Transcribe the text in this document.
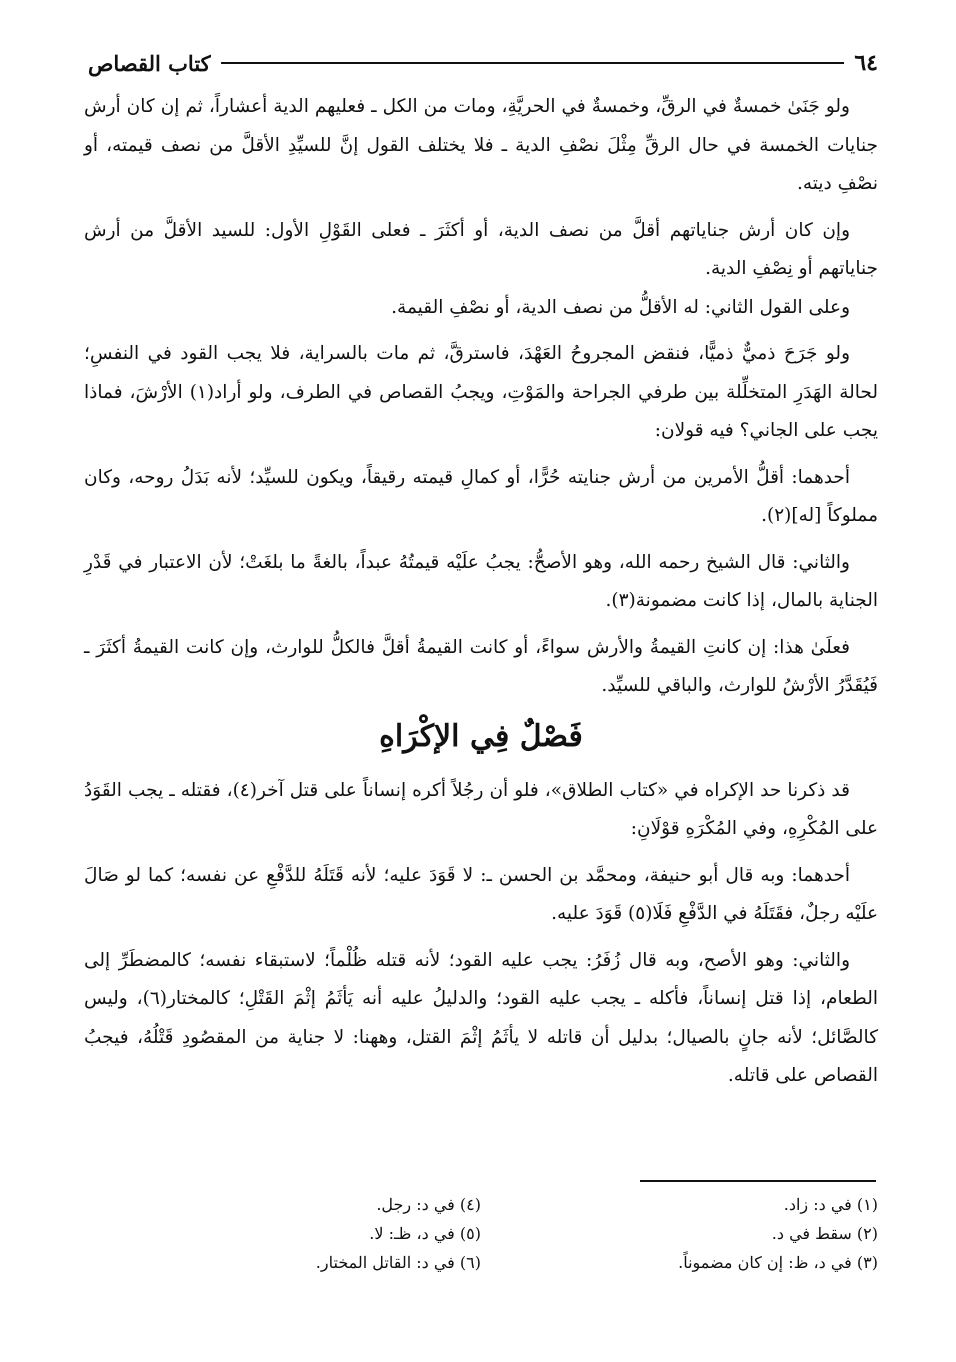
٦٤
كتاب القصاص

ولو جَنَىٰ خمسةٌ في الرقِّ، وخمسةٌ في الحريَّةِ، ومات من الكل ـ فعليهم الدية أعشاراً، ثم إن كان أرش جنايات الخمسة في حال الرقِّ مِثْلَ نصْفِ الدية ـ فلا يختلف القول إنَّ للسيِّدِ الأقلَّ من نصف قيمته، أو نصْفِ ديته.

وإن كان أرش جناياتهم أقلَّ من نصف الدية، أو أكثَرَ ـ فعلى القَوْلِ الأول: للسيد الأقلَّ من أرش جناياتهم أو نِصْفِ الدية.

وعلى القول الثاني: له الأقلُّ من نصف الدية، أو نصْفِ القيمة.

ولو جَرَحَ ذميٌّ ذميًّا، فنقض المجروحُ العَهْدَ، فاسترقَّ، ثم مات بالسراية، فلا يجب القود في النفسِ؛ لحالة الهَدَرِ المتخلِّلة بين طرفي الجراحة والمَوْتِ، ويجبُ القصاص في الطرف، ولو أراد(١) الأرْشَ، فماذا يجب على الجاني؟ فيه قولان:

أحدهما: أقلُّ الأمرين من أرش جنايته حُرًّا، أو كمالِ قيمته رقيقاً، ويكون للسيِّد؛ لأنه بَدَلُ روحه، وكان مملوكاً [له](٢).

والثاني: قال الشيخ رحمه الله، وهو الأصحُّ: يجبُ علَيْه قيمتُهُ عبداً، بالغةً ما بلغَتْ؛ لأن الاعتبار في قَدْرِ الجناية بالمال، إذا كانت مضمونة(٣).

فعلَىٰ هذا: إن كانتِ القيمةُ والأرش سواءً، أو كانت القيمةُ أقلَّ فالكلُّ للوارث، وإن كانت القيمةُ أكثَرَ ـ فَيُقَدَّرُ الأرْشُ للوارث، والباقي للسيِّد.

فَصْلٌ فِي الإكْرَاهِ

قد ذكرنا حد الإكراه في «كتاب الطلاق»، فلو أن رجُلاً أكره إنساناً على قتل آخر(٤)، فقتله ـ يجب القَوَدُ على المُكْرِهِ، وفي المُكْرَهِ قوْلَانِ:

أحدهما: وبه قال أبو حنيفة، ومحمَّد بن الحسن ـ: لا قَوَدَ عليه؛ لأنه قَتَلَهُ للدَّفْعِ عن نفسه؛ كما لو صَالَ علَيْه رجلٌ، فقَتَلَهُ في الدَّفْعِ فَلَا(٥) قَوَدَ عليه.

والثاني: وهو الأصح، وبه قال زُفَرُ: يجب عليه القود؛ لأنه قتله ظُلْماً؛ لاستبقاء نفسه؛ كالمضطَرِّ إلى الطعام، إذا قتل إنساناً، فأكله ـ يجب عليه القود؛ والدليلُ عليه أنه يَأثَمُ إثْمَ القَتْلِ؛ كالمختار(٦)، وليس كالصَّائل؛ لأنه جانٍ بالصيال؛ بدليل أن قاتله لا يأثَمُ إثْمَ القتل، وههنا: لا جناية من المقصُودِ قَتْلُهُ، فيجبُ القصاص على قاتله.

(١) في د: زاد.
(٢) سقط في د.
(٣) في د، ظ: إن كان مضموناً.
(٤) في د: رجل.
(٥) في د، ظـ: لا.
(٦) في د: القاتل المختار.
